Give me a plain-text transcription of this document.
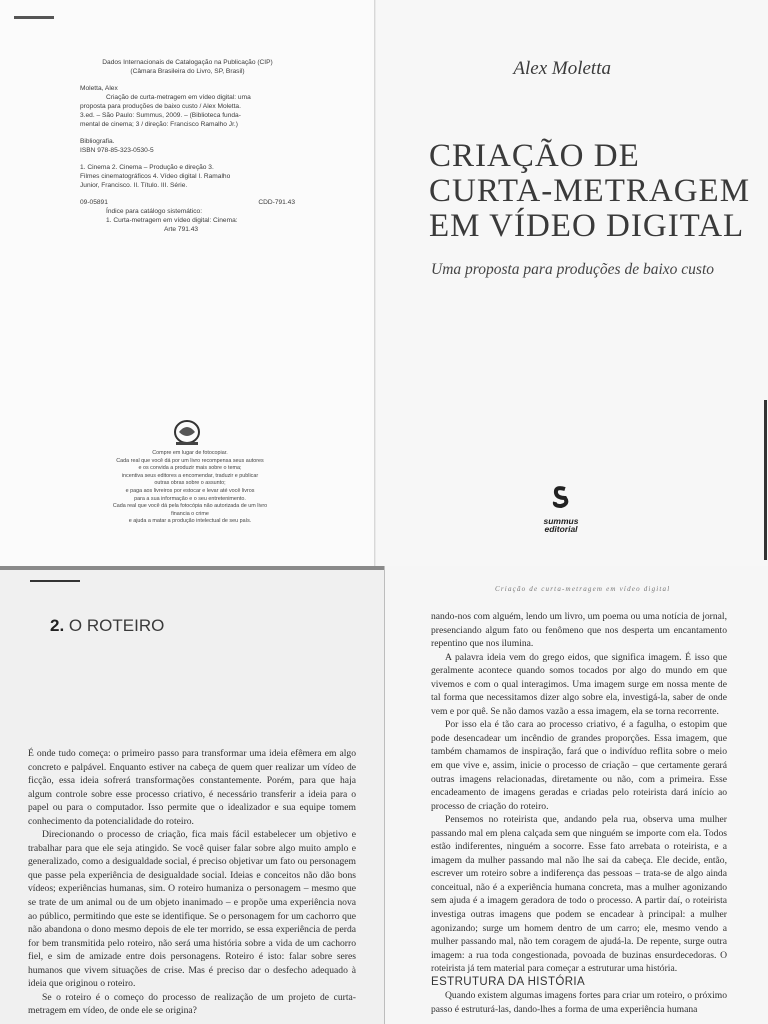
Dados Internacionais de Catalogação na Publicação (CIP)

(Câmara Brasileira do Livro, SP, Brasil)

Moletta, Alex

Criação de curta-metragem em vídeo digital: uma

proposta para produções de baixo custo / Alex Moletta.

3.ed. – São Paulo: Summus, 2009. – (Biblioteca funda-

mental de cinema; 3 / direção: Francisco Ramalho Jr.)

Bibliografia.

ISBN 978-85-323-0530-5

1. Cinema 2. Cinema – Produção e direção 3.

Filmes cinematográficos 4. Vídeo digital I. Ramalho

Junior, Francisco. II. Título. III. Série.

09-05891	CDD-791.43

Índice para catálogo sistemático:

1. Curta-metragem em vídeo digital: Cinema:

Arte 791.43

Compre em lugar de fotocopiar.

Cada real que você dá por um livro recompensa seus autores

e os convida a produzir mais sobre o tema;

incentiva seus editores a encomendar, traduzir e publicar

outras obras sobre o assunto;

e paga aos livreiros por estocar e levar até você livros

para a sua informação e o seu entretenimento.

Cada real que você dá pela fotocópia não autorizada de um livro

financia o crime

e ajuda a matar a produção intelectual de seu país.

Alex Moletta
CRIAÇÃO DE
CURTA-METRAGEM
EM VÍDEO DIGITAL
Uma proposta para produções de baixo custo
summus
editorial
2. O ROTEIRO

É onde tudo começa: o primeiro passo para transformar uma ideia efêmera em algo concreto e palpável. Enquanto estiver na cabeça de quem quer realizar um vídeo de ficção, essa ideia sofrerá transformações constantemente. Porém, para que haja algum controle sobre esse processo criativo, é necessário transferir a ideia para o papel ou para o computador. Isso permite que o idealizador e sua equipe tomem conhecimento da potencialidade do roteiro.

Direcionando o processo de criação, fica mais fácil estabelecer um objetivo e trabalhar para que ele seja atingido. Se você quiser falar sobre algo muito amplo e generalizado, como a desigualdade social, é preciso objetivar um fato ou personagem que passe pela experiência de desigualdade social. Ideias e conceitos não dão bons vídeos; experiências humanas, sim. O roteiro humaniza o personagem – mesmo que se trate de um animal ou de um objeto inanimado – e propõe uma experiência nova ao público, permitindo que este se identifique. Se o personagem for um cachorro que não abandona o dono mesmo depois de ele ter morrido, se essa experiência de perda for bem transmitida pelo roteiro, não será uma história sobre a vida de um cachorro fiel, e sim de amizade entre dois personagens. Roteiro é isto: falar sobre seres humanos que vivem situações de crise. Mas é preciso dar o desfecho adequado à ideia que originou o roteiro.

Se o roteiro é o começo do processo de realização de um projeto de curta-metragem em vídeo, de onde ele se origina?

Criação de curta-metragem em vídeo digital

nando-nos com alguém, lendo um livro, um poema ou uma notícia de jornal, presenciando algum fato ou fenômeno que nos desperta um encantamento repentino que nos ilumina.

A palavra ideia vem do grego eidos, que significa imagem. É isso que geralmente acontece quando somos tocados por algo do mundo em que vivemos e com o qual interagimos. Uma imagem surge em nossa mente de tal forma que necessitamos dizer algo sobre ela, investigá-la, saber de onde vem e por quê. Se não damos vazão a essa imagem, ela se torna recorrente.

Por isso ela é tão cara ao processo criativo, é a fagulha, o estopim que pode desencadear um incêndio de grandes proporções. Essa imagem, que também chamamos de inspiração, fará que o indivíduo reflita sobre o meio em que vive e, assim, inicie o processo de criação – que certamente gerará outras imagens relacionadas, diretamente ou não, com a primeira. Esse encadeamento de imagens geradas e criadas pelo roteirista dará início ao processo de criação do roteiro.

Pensemos no roteirista que, andando pela rua, observa uma mulher passando mal em plena calçada sem que ninguém se importe com ela. Todos estão indiferentes, ninguém a socorre. Esse fato arrebata o roteirista, e a imagem da mulher passando mal não lhe sai da cabeça. Ele decide, então, escrever um roteiro sobre a indiferença das pessoas – trata-se de algo ainda conceitual, não é a experiência humana concreta, mas a mulher agonizando sem ajuda é a imagem geradora de todo o processo. A partir daí, o roteirista investiga outras imagens que podem se encadear à principal: a mulher agonizando; surge um homem dentro de um carro; ele, mesmo vendo a mulher passando mal, não tem coragem de ajudá-la. De repente, surge outra imagem: a rua toda congestionada, povoada de buzinas ensurdecedoras. O roteirista já tem material para começar a estruturar uma história.

ESTRUTURA DA HISTÓRIA

Quando existem algumas imagens fortes para criar um roteiro, o próximo passo é estruturá-las, dando-lhes a forma de uma experiência humana
